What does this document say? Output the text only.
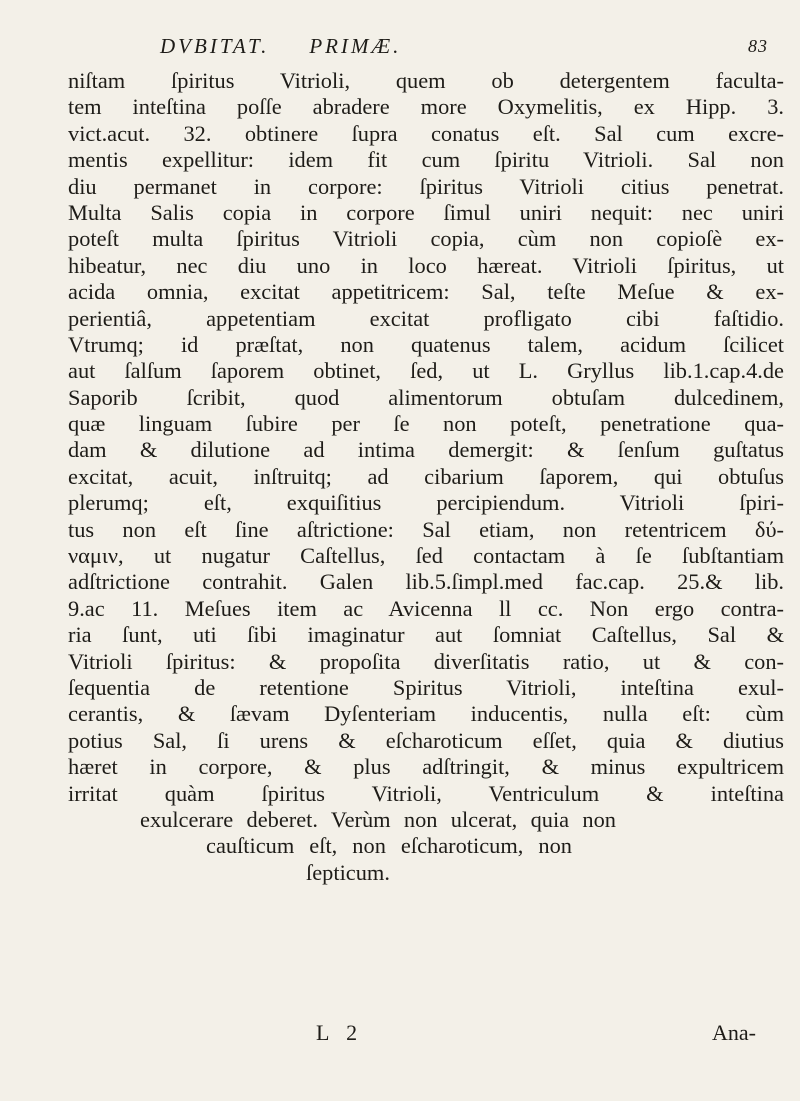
DVBITAT. PRIMÆ.	83
niſtam ſpiritus Vitrioli, quem ob detergentem faculta-
tem inteſtina poſſe abradere more Oxymelitis, ex Hipp. 3.
vict.acut. 32. obtinere ſupra conatus eſt. Sal cum excre-
mentis expellitur: idem fit cum ſpiritu Vitrioli. Sal non
diu permanet in corpore: ſpiritus Vitrioli citius penetrat.
Multa Salis copia in corpore ſimul uniri nequit: nec uniri
poteſt multa ſpiritus Vitrioli copia, cùm non copioſè ex-
hibeatur, nec diu uno in loco hæreat. Vitrioli ſpiritus, ut
acida omnia, excitat appetitricem: Sal, teſte Meſue & ex-
perientiâ, appetentiam excitat profligato cibi faſtidio.
Vtrumq; id præſtat, non quatenus talem, acidum ſcilicet
aut ſalſum ſaporem obtinet, ſed, ut L. Gryllus lib.1.cap.4.de
Saporib ſcribit, quod alimentorum obtuſam dulcedinem,
quæ linguam ſubire per ſe non poteſt, penetratione qua-
dam & dilutione ad intima demergit: & ſenſum guſtatus
excitat, acuit, inſtruitq; ad cibarium ſaporem, qui obtuſus
plerumq; eſt, exquiſitius percipiendum. Vitrioli ſpiri-
tus non eſt ſine aſtrictione: Sal etiam, non retentricem δύ-
ναμιν, ut nugatur Caſtellus, ſed contactam à ſe ſubſtantiam
adſtrictione contrahit. Galen lib.5.ſimpl.med fac.cap. 25.& lib.
9.ac 11. Meſues item ac Avicenna ll cc. Non ergo contra-
ria ſunt, uti ſibi imaginatur aut ſomniat Caſtellus, Sal &
Vitrioli ſpiritus: & propoſita diverſitatis ratio, ut & con-
ſequentia de retentione Spiritus Vitrioli, inteſtina exul-
cerantis, & ſævam Dyſenteriam inducentis, nulla eſt: cùm
potius Sal, ſi urens & eſcharoticum eſſet, quia & diutius
hæret in corpore, & plus adſtringit, & minus expultricem
irritat quàm ſpiritus Vitrioli, Ventriculum & inteſtina
exulcerare deberet. Verùm non ulcerat, quia non
cauſticum eſt, non eſcharoticum, non
ſepticum.
L 2	Ana-
